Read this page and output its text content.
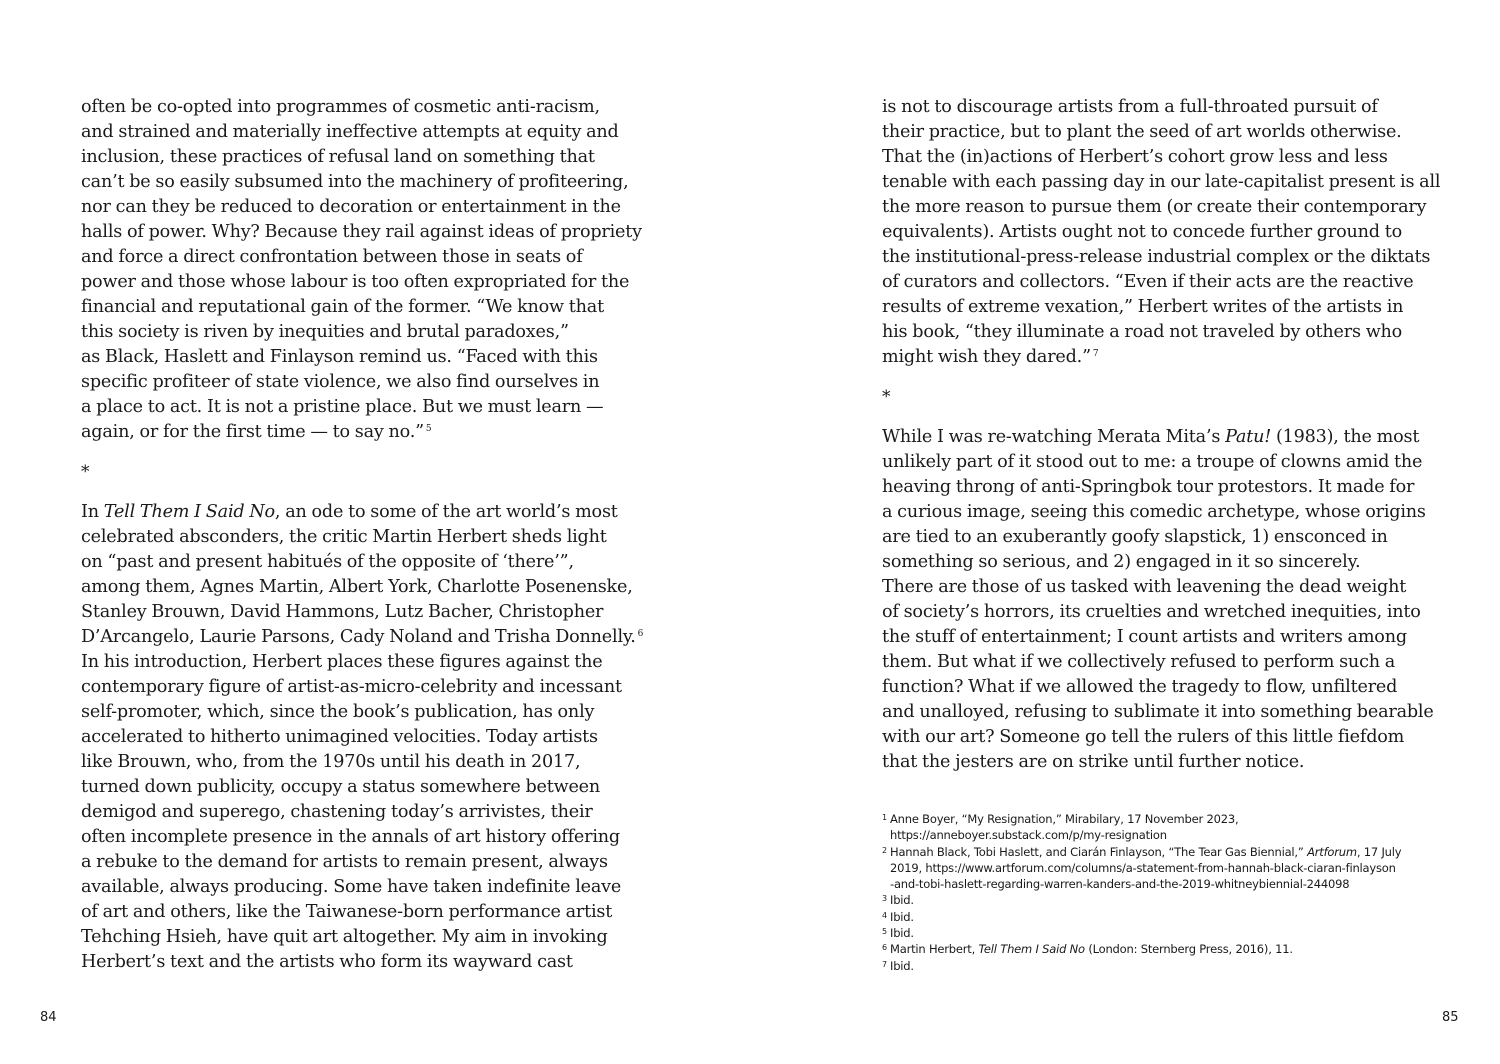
often be co-opted into programmes of cosmetic anti-racism,
and strained and materially ineffective attempts at equity and
inclusion, these practices of refusal land on something that
can’t be so easily subsumed into the machinery of profiteering,
nor can they be reduced to decoration or entertainment in the
halls of power. Why? Because they rail against ideas of propriety
and force a direct confrontation between those in seats of
power and those whose labour is too often expropriated for the
financial and reputational gain of the former. “We know that
this society is riven by inequities and brutal paradoxes,”
as Black, Haslett and Finlayson remind us. “Faced with this
specific profiteer of state violence, we also find ourselves in
a place to act. It is not a pristine place. But we must learn —
again, or for the first time — to say no.” $^5$
*
In Tell Them I Said No, an ode to some of the art world’s most
celebrated absconders, the critic Martin Herbert sheds light
on “past and present habitués of the opposite of ‘there’”,
among them, Agnes Martin, Albert York, Charlotte Posenenske,
Stanley Brouwn, David Hammons, Lutz Bacher, Christopher
D’Arcangelo, Laurie Parsons, Cady Noland and Trisha Donnelly. $^6$
In his introduction, Herbert places these figures against the
contemporary figure of artist-as-micro-celebrity and incessant
self-promoter, which, since the book’s publication, has only
accelerated to hitherto unimagined velocities. Today artists
like Brouwn, who, from the 1970s until his death in 2017,
turned down publicity, occupy a status somewhere between
demigod and superego, chastening today’s arrivistes, their
often incomplete presence in the annals of art history offering
a rebuke to the demand for artists to remain present, always
available, always producing. Some have taken indefinite leave
of art and others, like the Taiwanese-born performance artist
Tehching Hsieh, have quit art altogether. My aim in invoking
Herbert’s text and the artists who form its wayward cast
84
is not to discourage artists from a full-throated pursuit of
their practice, but to plant the seed of art worlds otherwise.
That the (in)actions of Herbert’s cohort grow less and less
tenable with each passing day in our late-capitalist present is all
the more reason to pursue them (or create their contemporary
equivalents). Artists ought not to concede further ground to
the institutional-press-release industrial complex or the diktats
of curators and collectors. “Even if their acts are the reactive
results of extreme vexation,” Herbert writes of the artists in
his book, “they illuminate a road not traveled by others who
might wish they dared.” $^7$
*
While I was re-watching Merata Mita’s Patu! (1983), the most
unlikely part of it stood out to me: a troupe of clowns amid the
heaving throng of anti-Springbok tour protestors. It made for
a curious image, seeing this comedic archetype, whose origins
are tied to an exuberantly goofy slapstick, 1) ensconced in
something so serious, and 2) engaged in it so sincerely.
There are those of us tasked with leavening the dead weight
of society’s horrors, its cruelties and wretched inequities, into
the stuff of entertainment; I count artists and writers among
them. But what if we collectively refused to perform such a
function? What if we allowed the tragedy to flow, unfiltered
and unalloyed, refusing to sublimate it into something bearable
with our art? Someone go tell the rulers of this little fiefdom
that the jesters are on strike until further notice.
1 Anne Boyer, “My Resignation,” Mirabilary, 17 November 2023,
https://anneboyer.substack.com/p/my-resignation
2 Hannah Black, Tobi Haslett, and Ciarán Finlayson, “The Tear Gas Biennial,” Artforum, 17 July
2019, https://www.artforum.com/columns/a-statement-from-hannah-black-ciaran-finlayson
-and-tobi-haslett-regarding-warren-kanders-and-the-2019-whitneybiennial-244098
3 Ibid.
4 Ibid.
5 Ibid.
6 Martin Herbert, Tell Them I Said No (London: Sternberg Press, 2016), 11.
7 Ibid.
85
